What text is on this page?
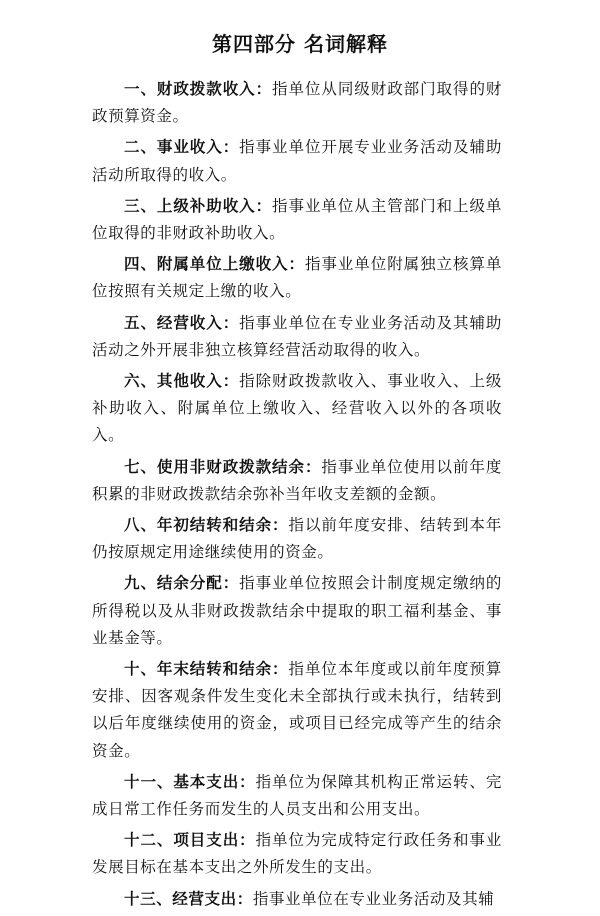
第四部分 名词解释

一、财政拨款收入：指单位从同级财政部门取得的财政预算资金。

二、事业收入：指事业单位开展专业业务活动及辅助活动所取得的收入。

三、上级补助收入：指事业单位从主管部门和上级单位取得的非财政补助收入。

四、附属单位上缴收入：指事业单位附属独立核算单位按照有关规定上缴的收入。

五、经营收入：指事业单位在专业业务活动及其辅助活动之外开展非独立核算经营活动取得的收入。

六、其他收入：指除财政拨款收入、事业收入、上级补助收入、附属单位上缴收入、经营收入以外的各项收入。

七、使用非财政拨款结余：指事业单位使用以前年度积累的非财政拨款结余弥补当年收支差额的金额。

八、年初结转和结余：指以前年度安排、结转到本年仍按原规定用途继续使用的资金。

九、结余分配：指事业单位按照会计制度规定缴纳的所得税以及从非财政拨款结余中提取的职工福利基金、事业基金等。

十、年末结转和结余：指单位本年度或以前年度预算安排、因客观条件发生变化未全部执行或未执行，结转到以后年度继续使用的资金，或项目已经完成等产生的结余资金。

十一、基本支出：指单位为保障其机构正常运转、完成日常工作任务而发生的人员支出和公用支出。

十二、项目支出：指单位为完成特定行政任务和事业发展目标在基本支出之外所发生的支出。

十三、经营支出：指事业单位在专业业务活动及其辅
